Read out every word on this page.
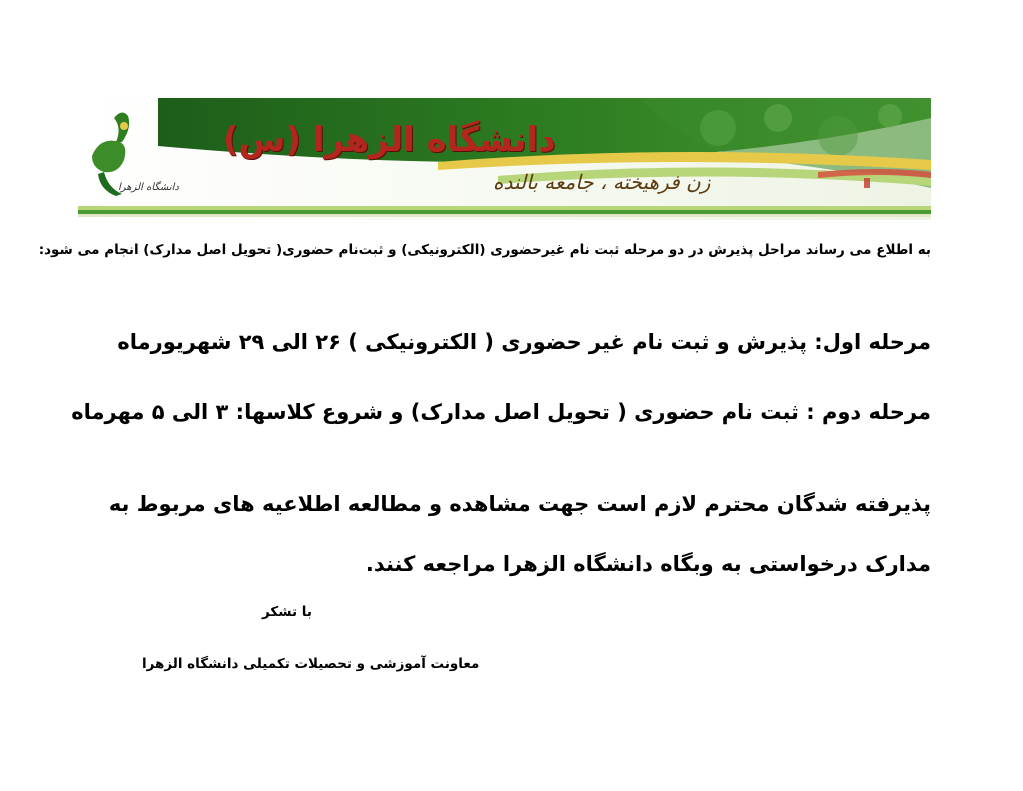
دانشگاه الزهرا (س)
زن فرهیخته ، جامعه بالنده
دانشگاه الزهرا
به اطلاع می رساند مراحل پذیرش در دو مرحله ثبت نام غیرحضوری (الکترونیکی) و ثبت‌نام حضوری( تحویل اصل مدارک) انجام می شود:
مرحله اول: پذیرش و ثبت نام غیر حضوری ( الکترونیکی ) ۲۶ الی ۲۹ شهریورماه
مرحله دوم : ثبت نام حضوری ( تحویل اصل مدارک) و شروع کلاسها: ۳ الی ۵ مهرماه
پذیرفته شدگان محترم لازم است جهت مشاهده و مطالعه اطلاعیه های مربوط به مدارک درخواستی به وبگاه دانشگاه الزهرا مراجعه کنند.
با تشکر
معاونت آموزشی و تحصیلات تکمیلی دانشگاه الزهرا
